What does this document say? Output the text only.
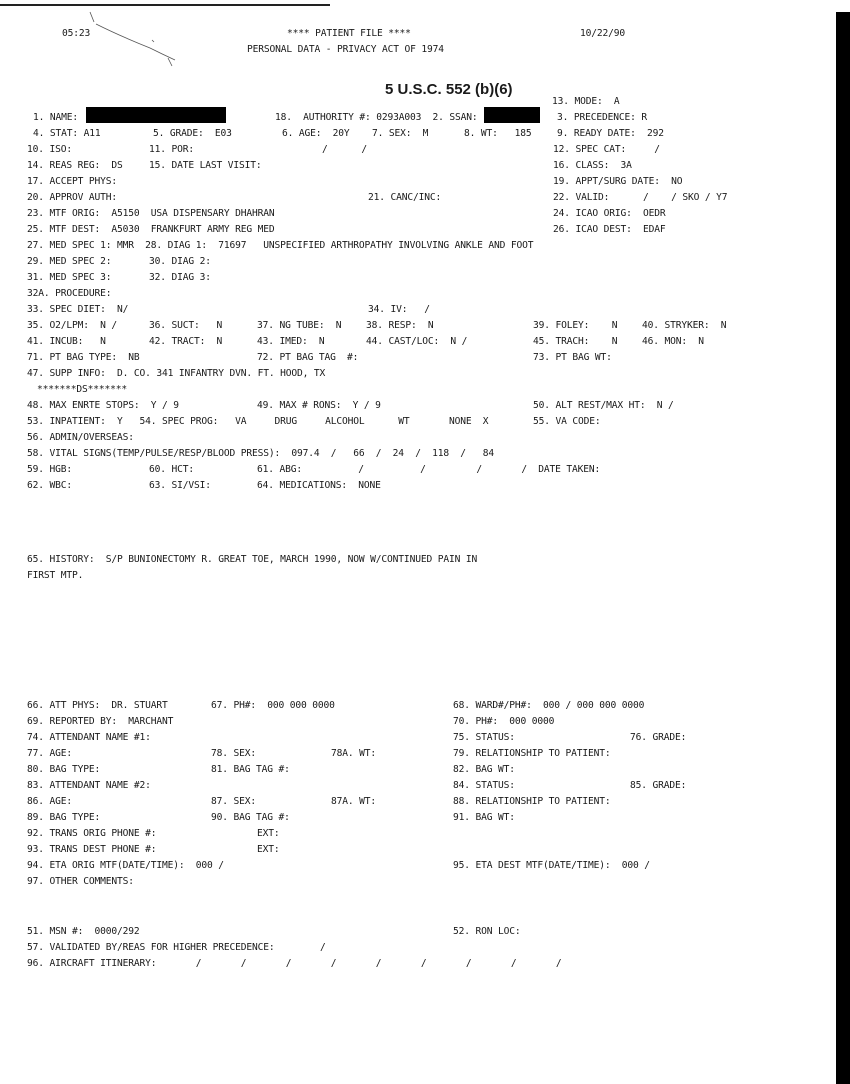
05:23	**** PATIENT FILE ****	10/22/90
PERSONAL DATA - PRIVACY ACT OF 1974
5 U.S.C. 552 (b)(6)
13. MODE:  A
1. NAME:	18.  AUTHORITY #: 0293A003  2. SSAN:	3. PRECEDENCE: R
4. STAT: A11	5. GRADE:  E03	6. AGE:  20Y 7. SEX:  M	8. WT:   185	9. READY DATE:  292
10. ISO:	11. POR:	/      /	12. SPEC CAT:     /
14. REAS REG:  DS	15. DATE LAST VISIT:	16. CLASS:  3A
17. ACCEPT PHYS:	19. APPT/SURG DATE:  NO
20. APPROV AUTH:	21. CANC/INC:	22. VALID:      /    / SKO / Y7
23. MTF ORIG:  A5150  USA DISPENSARY DHAHRAN	24. ICAO ORIG:  OEDR
25. MTF DEST:  A5030  FRANKFURT ARMY REG MED	26. ICAO DEST:  EDAF
27. MED SPEC 1: MMR  28. DIAG 1:  71697   UNSPECIFIED ARTHROPATHY INVOLVING ANKLE AND FOOT
29. MED SPEC 2:	30. DIAG 2:
31. MED SPEC 3:	32. DIAG 3:
32A. PROCEDURE:
33. SPEC DIET:  N/	34. IV:   /
35. O2/LPM:  N /	36. SUCT:   N	37. NG TUBE:  N	38. RESP:  N	39. FOLEY:    N	40. STRYKER:  N
41. INCUB:   N	42. TRACT:  N	43. IMED:  N	44. CAST/LOC:  N /	45. TRACH:    N	46. MON:  N
71. PT BAG TYPE:  NB	72. PT BAG TAG  #:	73. PT BAG WT:
47. SUPP INFO:  D. CO. 341 INFANTRY DVN. FT. HOOD, TX
*******DS*******
48. MAX ENRTE STOPS:  Y / 9	49. MAX # RONS:  Y / 9	50. ALT REST/MAX HT:  N /
53. INPATIENT:  Y   54. SPEC PROG:   VA     DRUG     ALCOHOL      WT       NONE  X	55. VA CODE:
56. ADMIN/OVERSEAS:
58. VITAL SIGNS(TEMP/PULSE/RESP/BLOOD PRESS):  097.4  /   66  /  24  /  118  /   84
59. HGB:	60. HCT:	61. ABG:          /          /         /       /  DATE TAKEN:
62. WBC:	63. SI/VSI:	64. MEDICATIONS:  NONE
65. HISTORY:  S/P BUNIONECTOMY R. GREAT TOE, MARCH 1990, NOW W/CONTINUED PAIN IN
FIRST MTP.
66. ATT PHYS:  DR. STUART	67. PH#:  000 000 0000	68. WARD#/PH#:  000 / 000 000 0000
69. REPORTED BY:  MARCHANT	70. PH#:  000 0000
74. ATTENDANT NAME #1:	75. STATUS:	76. GRADE:
77. AGE:	78. SEX:	78A. WT:	79. RELATIONSHIP TO PATIENT:
80. BAG TYPE:	81. BAG TAG #:	82. BAG WT:
83. ATTENDANT NAME #2:	84. STATUS:	85. GRADE:
86. AGE:	87. SEX:	87A. WT:	88. RELATIONSHIP TO PATIENT:
89. BAG TYPE:	90. BAG TAG #:	91. BAG WT:
92. TRANS ORIG PHONE #:	EXT:
93. TRANS DEST PHONE #:	EXT:
94. ETA ORIG MTF(DATE/TIME):  000 /	95. ETA DEST MTF(DATE/TIME):  000 /
97. OTHER COMMENTS:
51. MSN #:  0000/292	52. RON LOC:
57. VALIDATED BY/REAS FOR HIGHER PRECEDENCE:	/
96. AIRCRAFT ITINERARY:       /       /       /       /       /       /       /       /       /
